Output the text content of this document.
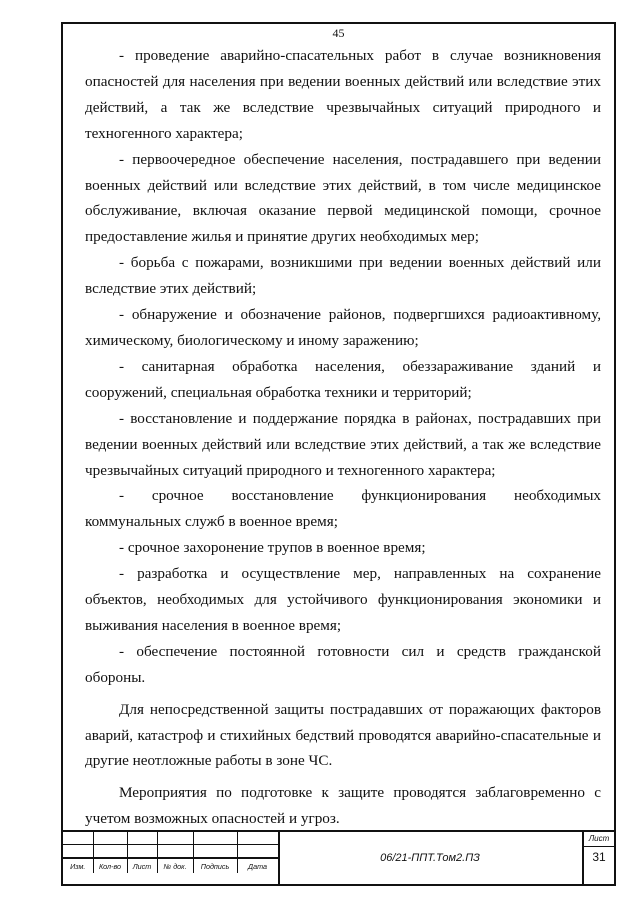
45

- проведение аварийно-спасательных работ в случае возникновения опасностей для населения при ведении военных действий или вследствие этих действий, а так же вследствие чрезвычайных ситуаций природного и техногенного характера;

- первоочередное обеспечение населения, пострадавшего при ведении военных действий или вследствие этих действий, в том числе медицинское обслуживание, включая оказание первой медицинской помощи, срочное предоставление жилья и принятие других необходимых мер;

- борьба с пожарами, возникшими при ведении военных действий или вследствие этих действий;

- обнаружение и обозначение районов, подвергшихся радиоактивному, химическому, биологическому и иному заражению;

- санитарная обработка населения, обеззараживание зданий и сооружений, специальная обработка техники и территорий;

- восстановление и поддержание порядка в районах, пострадавших при ведении военных действий или вследствие этих действий, а так же вследствие чрезвычайных ситуаций природного и техногенного характера;

- срочное восстановление функционирования необходимых коммунальных служб в военное время;

- срочное захоронение трупов в военное время;

- разработка и осуществление мер, направленных на сохранение объектов, необходимых для устойчивого функционирования экономики и выживания населения в военное время;

- обеспечение постоянной готовности сил и средств гражданской обороны.

Для непосредственной защиты пострадавших от поражающих факторов аварий, катастроф и стихийных бедствий проводятся аварийно-спасательные и другие неотложные работы в зоне ЧС.

Мероприятия по подготовке к защите проводятся заблаговременно с учетом возможных опасностей и угроз.

Изм.	Кол-во	Лист	№ док.	Подпись	Дата
06/21-ППТ.Том2.ПЗ
Лист
31
